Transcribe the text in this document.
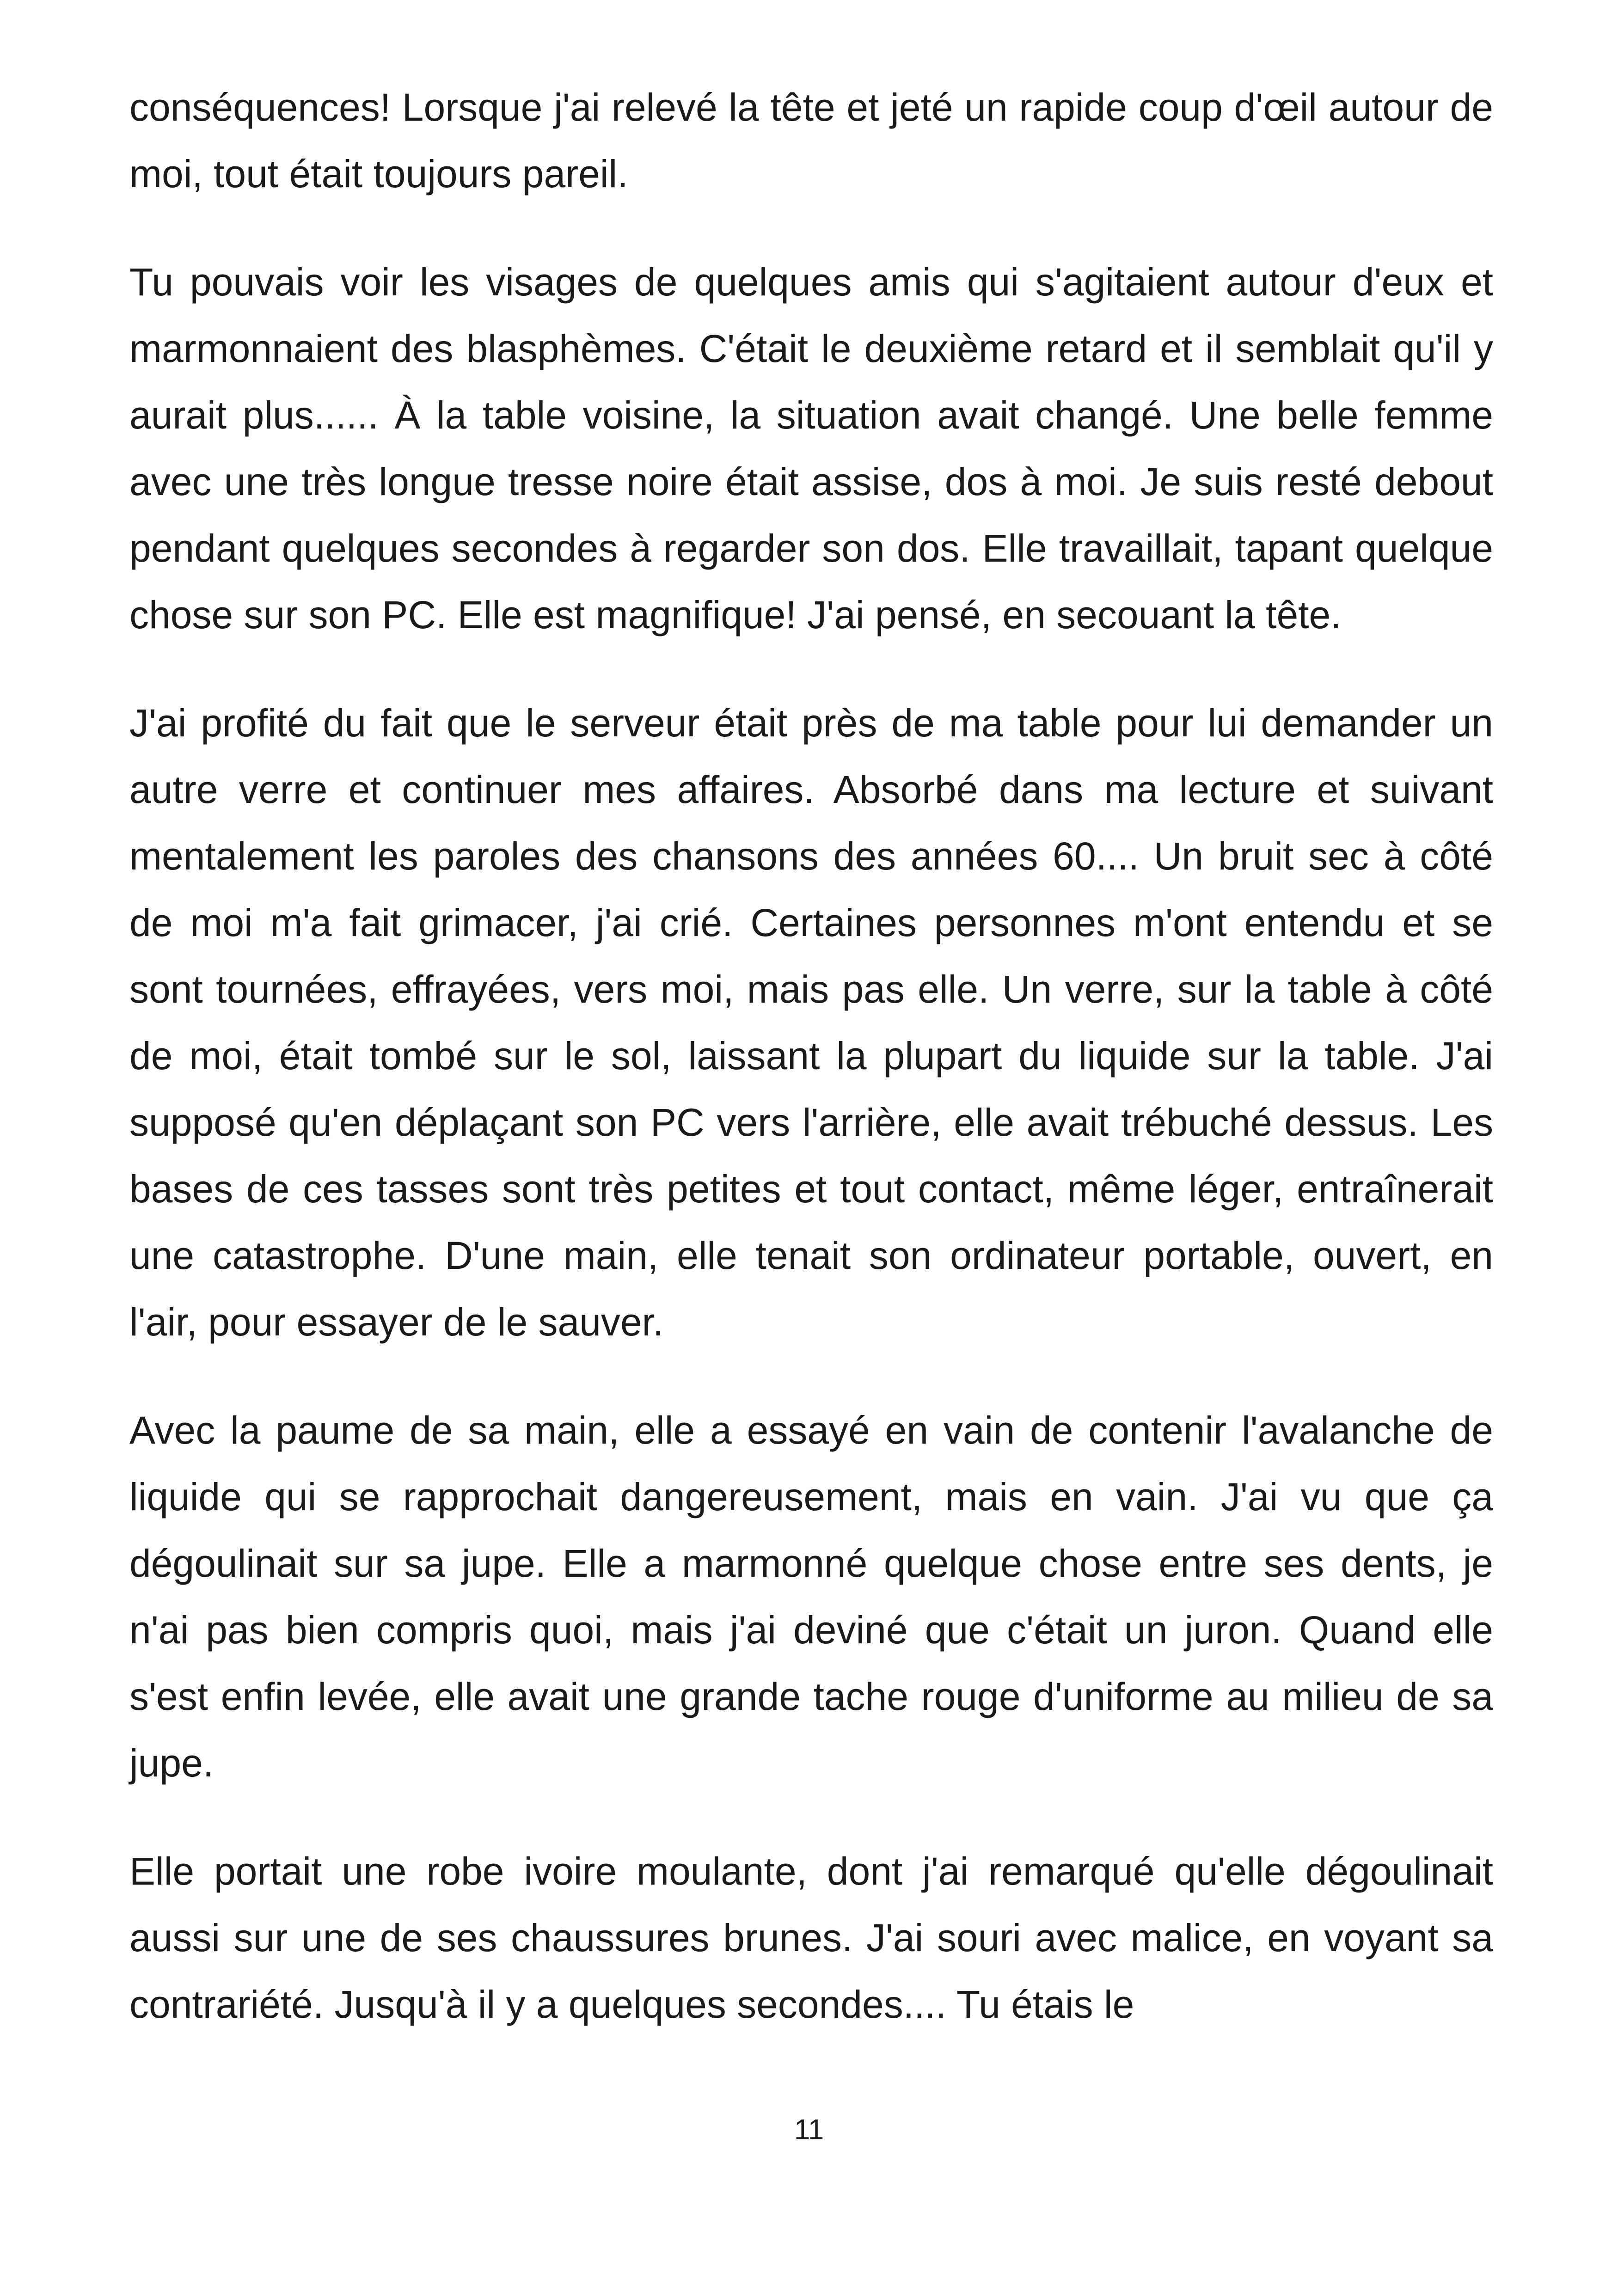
conséquences! Lorsque j'ai relevé la tête et jeté un rapide coup d'œil autour de moi, tout était toujours pareil.

Tu pouvais voir les visages de quelques amis qui s'agitaient autour d'eux et marmonnaient des blasphèmes. C'était le deuxième retard et il semblait qu'il y aurait plus...... À la table voisine, la situation avait changé. Une belle femme avec une très longue tresse noire était assise, dos à moi. Je suis resté debout pendant quelques secondes à regarder son dos. Elle travaillait, tapant quelque chose sur son PC. Elle est magnifique! J'ai pensé, en secouant la tête.

J'ai profité du fait que le serveur était près de ma table pour lui demander un autre verre et continuer mes affaires. Absorbé dans ma lecture et suivant mentalement les paroles des chansons des années 60.... Un bruit sec à côté de moi m'a fait grimacer, j'ai crié. Certaines personnes m'ont entendu et se sont tournées, effrayées, vers moi, mais pas elle. Un verre, sur la table à côté de moi, était tombé sur le sol, laissant la plupart du liquide sur la table. J'ai supposé qu'en déplaçant son PC vers l'arrière, elle avait trébuché dessus. Les bases de ces tasses sont très petites et tout contact, même léger, entraînerait une catastrophe. D'une main, elle tenait son ordinateur portable, ouvert, en l'air, pour essayer de le sauver.

Avec la paume de sa main, elle a essayé en vain de contenir l'avalanche de liquide qui se rapprochait dangereusement, mais en vain. J'ai vu que ça dégoulinait sur sa jupe. Elle a marmonné quelque chose entre ses dents, je n'ai pas bien compris quoi, mais j'ai deviné que c'était un juron. Quand elle s'est enfin levée, elle avait une grande tache rouge d'uniforme au milieu de sa jupe.

Elle portait une robe ivoire moulante, dont j'ai remarqué qu'elle dégoulinait aussi sur une de ses chaussures brunes. J'ai souri avec malice, en voyant sa contrariété. Jusqu'à il y a quelques secondes.... Tu étais le

11
